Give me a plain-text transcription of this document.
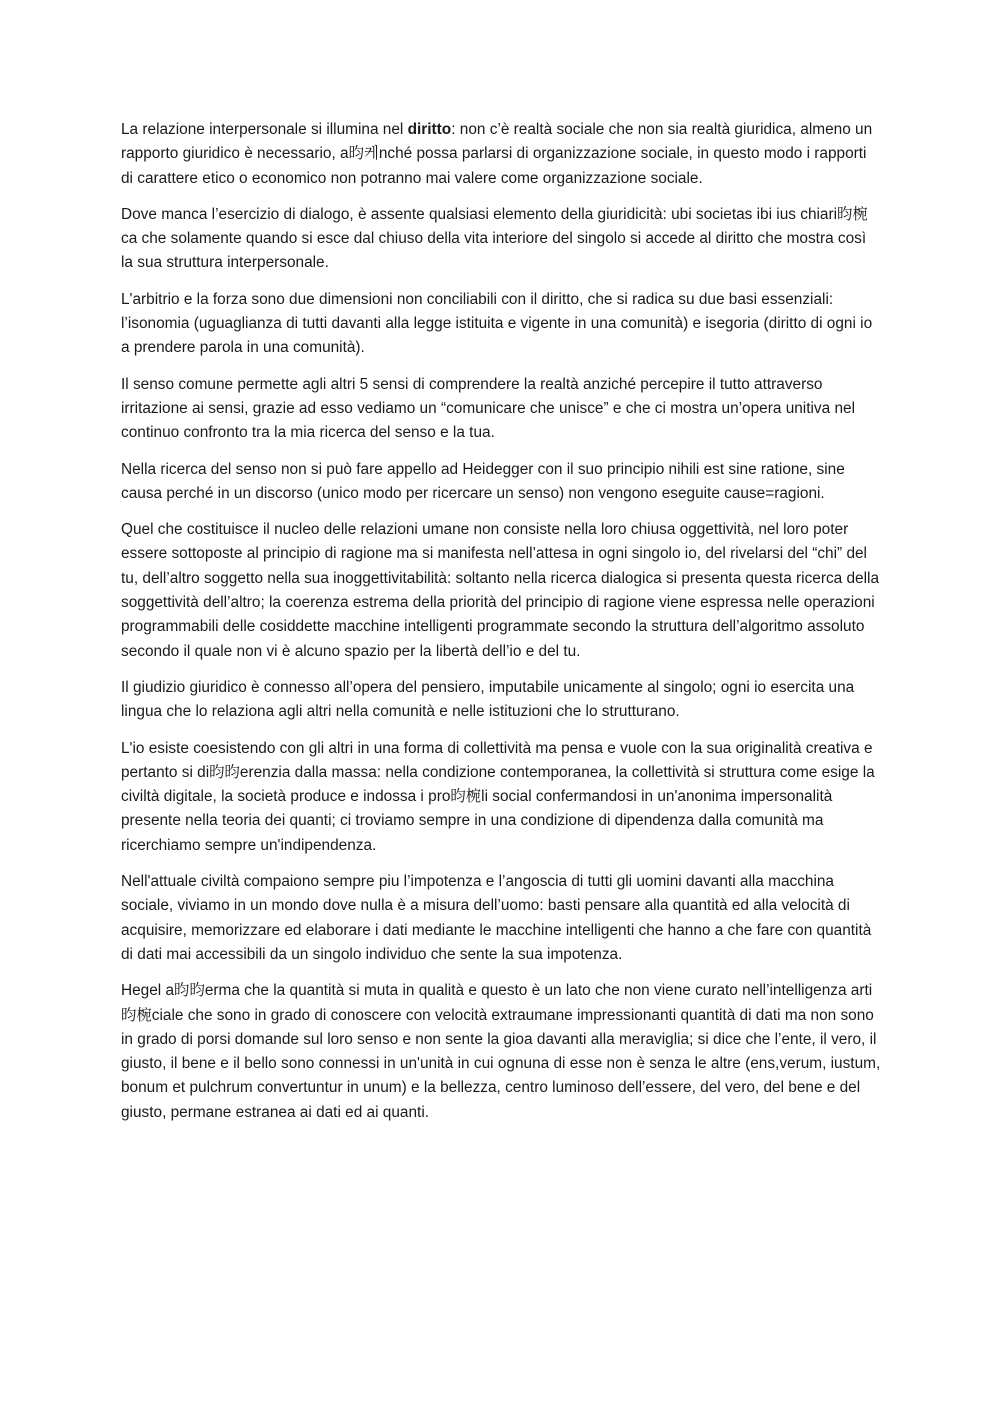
La relazione interpersonale si illumina nel diritto: non c’è realtà sociale che non sia realtà giuridica, almeno un rapporto giuridico è necessario, a昀케nché possa parlarsi di organizzazione sociale, in questo modo i rapporti di carattere etico o economico non potranno mai valere come organizzazione sociale.

Dove manca l’esercizio di dialogo, è assente qualsiasi elemento della giuridicità: ubi societas ibi ius chiari昀椀ca che solamente quando si esce dal chiuso della vita interiore del singolo si accede al diritto che mostra così la sua struttura interpersonale.

L'arbitrio e la forza sono due dimensioni non conciliabili con il diritto, che si radica su due basi essenziali: l’isonomia (uguaglianza di tutti davanti alla legge istituita e vigente in una comunità) e isegoria (diritto di ogni io a prendere parola in una comunità).

Il senso comune permette agli altri 5 sensi di comprendere la realtà anziché percepire il tutto attraverso irritazione ai sensi, grazie ad esso vediamo un “comunicare che unisce” e che ci mostra un’opera unitiva nel continuo confronto tra la mia ricerca del senso e la tua.

Nella ricerca del senso non si può fare appello ad Heidegger con il suo principio nihili est sine ratione, sine causa perché in un discorso (unico modo per ricercare un senso) non vengono eseguite cause=ragioni.

Quel che costituisce il nucleo delle relazioni umane non consiste nella loro chiusa oggettività, nel loro poter essere sottoposte al principio di ragione ma si manifesta nell’attesa in ogni singolo io, del rivelarsi del “chi” del tu, dell’altro soggetto nella sua inoggettivitabilità: soltanto nella ricerca dialogica si presenta questa ricerca della soggettività dell’altro; la coerenza estrema della priorità del principio di ragione viene espressa nelle operazioni programmabili delle cosiddette macchine intelligenti programmate secondo la struttura dell’algoritmo assoluto secondo il quale non vi è alcuno spazio per la libertà dell’io e del tu.

Il giudizio giuridico è connesso all’opera del pensiero, imputabile unicamente al singolo; ogni io esercita una lingua che lo relaziona agli altri nella comunità e nelle istituzioni che lo strutturano.

L'io esiste coesistendo con gli altri in una forma di collettività ma pensa e vuole con la sua originalità creativa e pertanto si di昀昀erenzia dalla massa: nella condizione contemporanea, la collettività si struttura come esige la civiltà digitale, la società produce e indossa i pro昀椀li social confermandosi in un'anonima impersonalità presente nella teoria dei quanti; ci troviamo sempre in una condizione di dipendenza dalla comunità ma ricerchiamo sempre un'indipendenza.

Nell'attuale civiltà compaiono sempre piu l’impotenza e l’angoscia di tutti gli uomini davanti alla macchina sociale, viviamo in un mondo dove nulla è a misura dell’uomo: basti pensare alla quantità ed alla velocità di acquisire, memorizzare ed elaborare i dati mediante le macchine intelligenti che hanno a che fare con quantità di dati mai accessibili da un singolo individuo che sente la sua impotenza.

Hegel a昀昀erma che la quantità si muta in qualità e questo è un lato che non viene curato nell’intelligenza arti昀椀ciale che sono in grado di conoscere con velocità extraumane impressionanti quantità di dati ma non sono in grado di porsi domande sul loro senso e non sente la gioa davanti alla meraviglia; si dice che l’ente, il vero, il giusto, il bene e il bello sono connessi in un'unità in cui ognuna di esse non è senza le altre (ens,verum, iustum, bonum et pulchrum convertuntur in unum) e la bellezza, centro luminoso dell’essere, del vero, del bene e del giusto, permane estranea ai dati ed ai quanti.
